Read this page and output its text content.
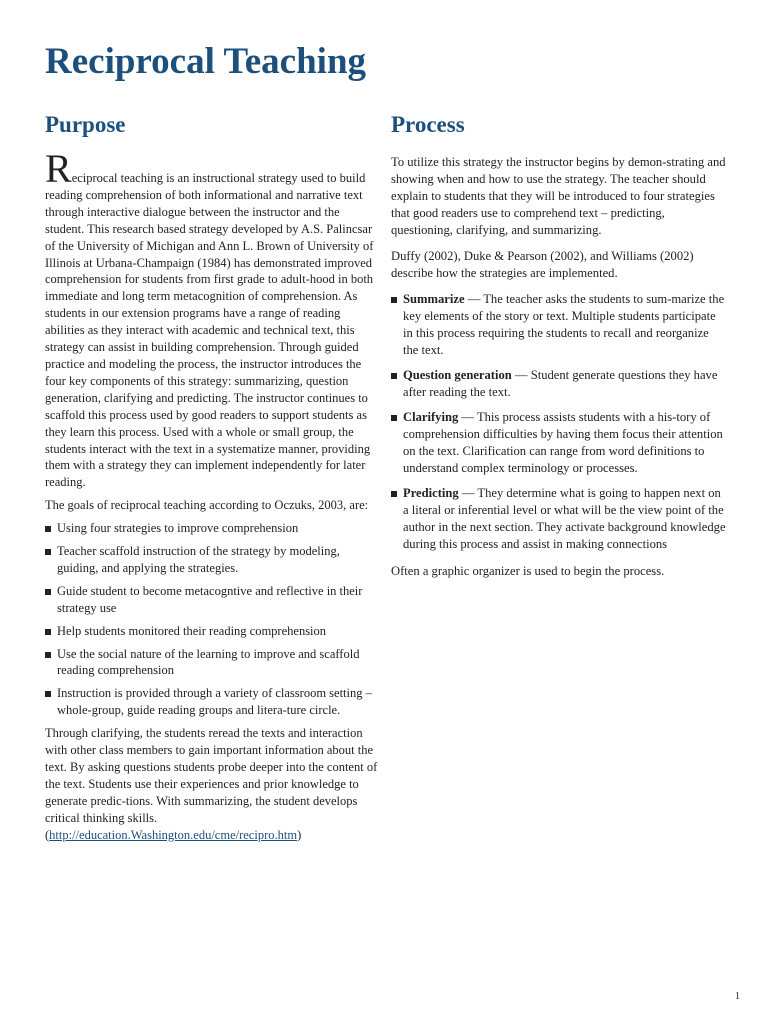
Reciprocal Teaching
Purpose

Reciprocal teaching is an instructional strategy used to build reading comprehension of both informational and narrative text through interactive dialogue between the instructor and the student. This research based strategy developed by A.S. Palincsar of the University of Michigan and Ann L. Brown of University of Illinois at Urbana-Champaign (1984) has demonstrated improved comprehension for students from first grade to adult-hood in both immediate and long term metacognition of comprehension. As students in our extension programs have a range of reading abilities as they interact with academic and technical text, this strategy can assist in building comprehension. Through guided practice and modeling the process, the instructor introduces the four key components of this strategy: summarizing, question generation, clarifying and predicting. The instructor continues to scaffold this process used by good readers to support students as they learn this process. Used with a whole or small group, the students interact with the text in a systematize manner, providing them with a strategy they can implement independently for later reading.

The goals of reciprocal teaching according to Oczuks, 2003, are:

Using four strategies to improve comprehension
Teacher scaffold instruction of the strategy by modeling, guiding, and applying the strategies.
Guide student to become metacogntive and reflective in their strategy use
Help students monitored their reading comprehension
Use the social nature of the learning to improve and scaffold reading comprehension
Instruction is provided through a variety of classroom setting – whole-group, guide reading groups and litera-ture circle.

Through clarifying, the students reread the texts and interaction with other class members to gain important information about the text. By asking questions students probe deeper into the content of the text. Students use their experiences and prior knowledge to generate predic-tions. With summarizing, the student develops critical thinking skills.
(http://education.Washington.edu/cme/recipro.htm)

Process

To utilize this strategy the instructor begins by demon-strating and showing when and how to use the strategy. The teacher should explain to students that they will be introduced to four strategies that good readers use to comprehend text – predicting, questioning, clarifying, and summarizing.

Duffy (2002), Duke & Pearson (2002), and Williams (2002) describe how the strategies are implemented.

Summarize — The teacher asks the students to sum-marize the key elements of the story or text. Multiple students participate in this process requiring the students to recall and reorganize the text.
Question generation — Student generate questions they have after reading the text.
Clarifying — This process assists students with a his-tory of comprehension difficulties by having them focus their attention on the text. Clarification can range from word definitions to understand complex terminology or processes.
Predicting — They determine what is going to happen next on a literal or inferential level or what will be the view point of the author in the next section. They activate background knowledge during this process and assist in making connections

Often a graphic organizer is used to begin the process.

1
